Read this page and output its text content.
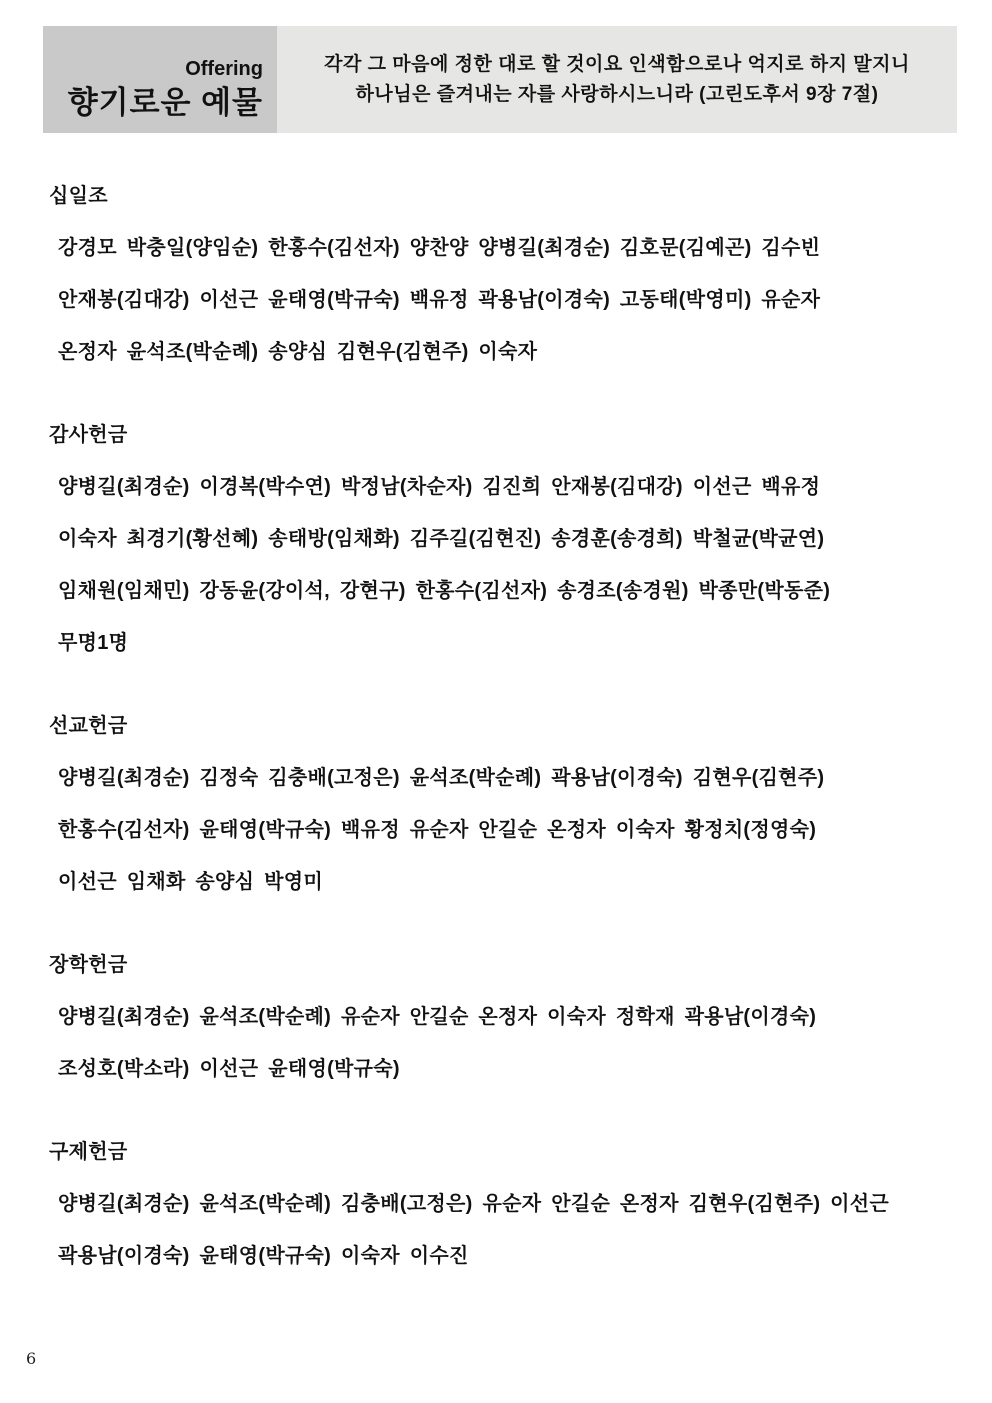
Offering
향기로운 예물
각각 그 마음에 정한 대로 할 것이요 인색함으로나 억지로 하지 말지니
하나님은 즐겨내는 자를 사랑하시느니라 (고린도후서 9장 7절)
십일조

강경모 박충일(양임순) 한홍수(김선자) 양찬양 양병길(최경순) 김호문(김예곤) 김수빈

안재봉(김대강) 이선근 윤태영(박규숙) 백유정 곽용남(이경숙) 고동태(박영미) 유순자

온정자 윤석조(박순례) 송양심 김현우(김현주) 이숙자

감사헌금

양병길(최경순) 이경복(박수연) 박정남(차순자) 김진희 안재봉(김대강) 이선근 백유정

이숙자 최경기(황선혜) 송태방(임채화) 김주길(김현진) 송경훈(송경희) 박철균(박균연)

임채원(임채민) 강동윤(강이석, 강현구) 한홍수(김선자) 송경조(송경원) 박종만(박동준)

무명1명

선교헌금

양병길(최경순) 김정숙 김충배(고정은) 윤석조(박순례) 곽용남(이경숙) 김현우(김현주)

한홍수(김선자) 윤태영(박규숙) 백유정 유순자 안길순 온정자 이숙자 황정치(정영숙)

이선근 임채화 송양심 박영미

장학헌금

양병길(최경순) 윤석조(박순례) 유순자 안길순 온정자 이숙자 정학재 곽용남(이경숙)

조성호(박소라) 이선근 윤태영(박규숙)

구제헌금

양병길(최경순) 윤석조(박순례) 김충배(고정은) 유순자 안길순 온정자 김현우(김현주) 이선근

곽용남(이경숙) 윤태영(박규숙) 이숙자 이수진

6
